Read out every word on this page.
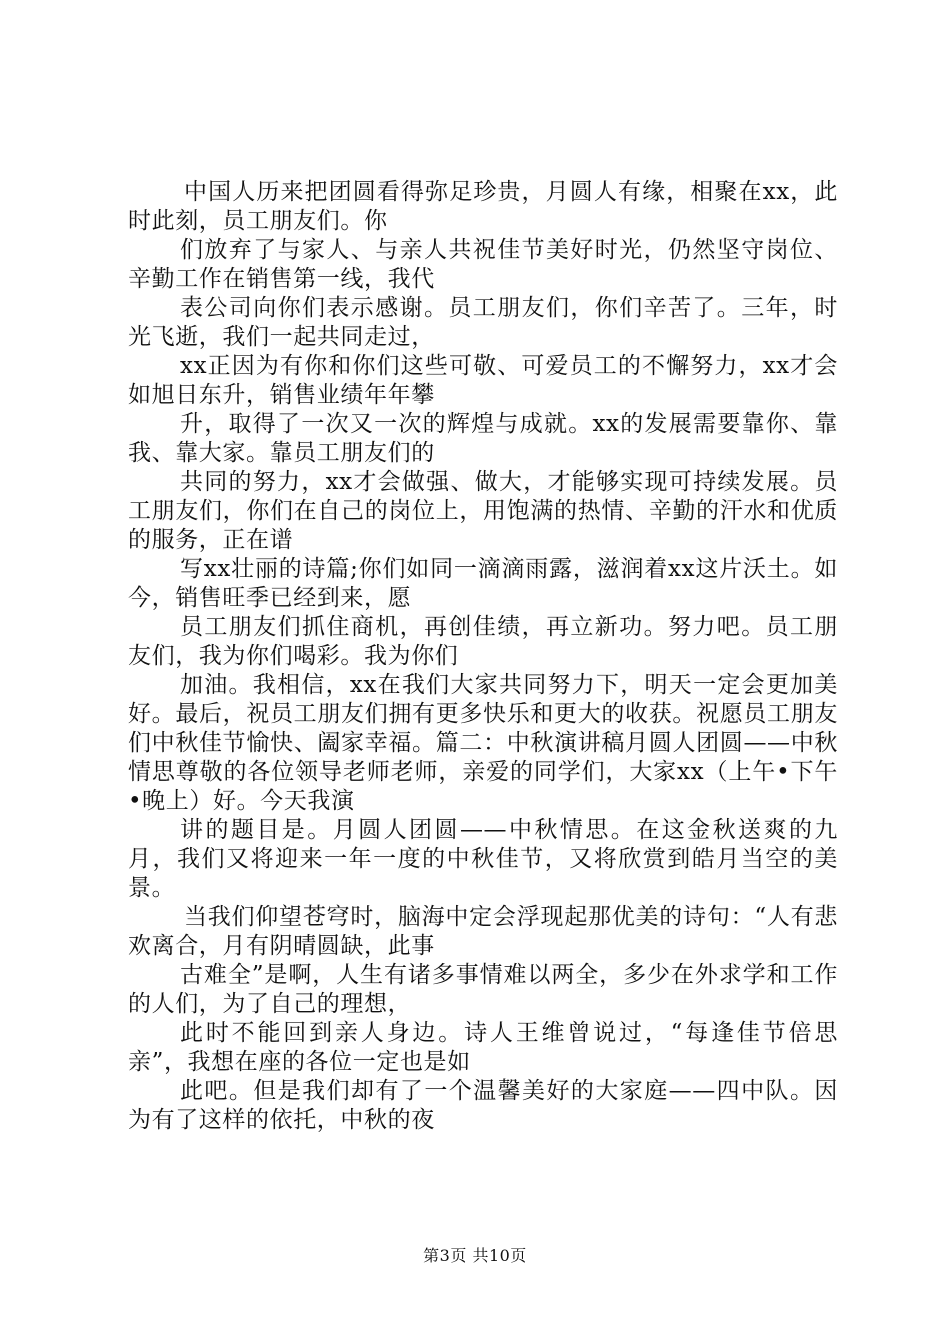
中国人历来把团圆看得弥足珍贵，月圆人有缘，相聚在xx，此时此刻，员工朋友们。你

们放弃了与家人、与亲人共祝佳节美好时光，仍然坚守岗位、辛勤工作在销售第一线，我代

表公司向你们表示感谢。员工朋友们，你们辛苦了。三年，时光飞逝，我们一起共同走过，

xx正因为有你和你们这些可敬、可爱员工的不懈努力，xx才会如旭日东升，销售业绩年年攀

升，取得了一次又一次的辉煌与成就。xx的发展需要靠你、靠我、靠大家。靠员工朋友们的

共同的努力，xx才会做强、做大，才能够实现可持续发展。员工朋友们，你们在自己的岗位上，用饱满的热情、辛勤的汗水和优质的服务，正在谱

写xx壮丽的诗篇;你们如同一滴滴雨露，滋润着xx这片沃土。如今，销售旺季已经到来，愿

员工朋友们抓住商机，再创佳绩，再立新功。努力吧。员工朋友们，我为你们喝彩。我为你们

加油。我相信，xx在我们大家共同努力下，明天一定会更加美好。最后，祝员工朋友们拥有更多快乐和更大的收获。祝愿员工朋友们中秋佳节愉快、阖家幸福。篇二：中秋演讲稿月圆人团圆——中秋情思尊敬的各位领导老师老师，亲爱的同学们，大家xx（上午•下午•晚上）好。今天我演

讲的题目是。月圆人团圆——中秋情思。在这金秋送爽的九月，我们又将迎来一年一度的中秋佳节，又将欣赏到皓月当空的美景。

当我们仰望苍穹时，脑海中定会浮现起那优美的诗句：“人有悲欢离合，月有阴晴圆缺，此事

古难全”是啊，人生有诸多事情难以两全，多少在外求学和工作的人们，为了自己的理想，

此时不能回到亲人身边。诗人王维曾说过，“每逢佳节倍思亲”，我想在座的各位一定也是如

此吧。但是我们却有了一个温馨美好的大家庭——四中队。因为有了这样的依托，中秋的夜

第3页 共10页
